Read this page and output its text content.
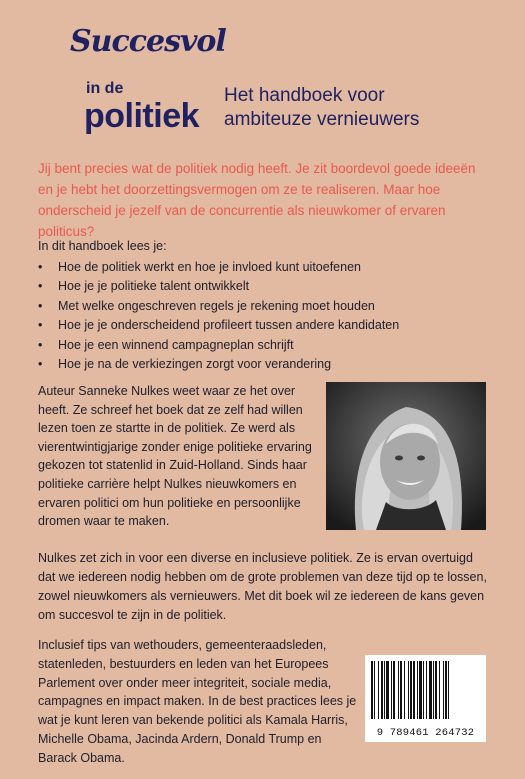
Succesvol
in de
politiek
Het handboek voor
ambiteuze vernieuwers
Jij bent precies wat de politiek nodig heeft. Je zit boordevol goede ideeën en je hebt het doorzettingsvermogen om ze te realiseren. Maar hoe onderscheid je jezelf van de concurrentie als nieuwkomer of ervaren politicus?
In dit handboek lees je:
• Hoe de politiek werkt en hoe je invloed kunt uitoefenen
• Hoe je je politieke talent ontwikkelt
• Met welke ongeschreven regels je rekening moet houden
• Hoe je je onderscheidend profileert tussen andere kandidaten
• Hoe je een winnend campagneplan schrijft
• Hoe je na de verkiezingen zorgt voor verandering
Auteur Sanneke Nulkes weet waar ze het over heeft. Ze schreef het boek dat ze zelf had willen lezen toen ze startte in de politiek. Ze werd als vierentwintigjarige zonder enige politieke ervaring gekozen tot statenlid in Zuid-Holland. Sinds haar politieke carrière helpt Nulkes nieuwkomers en ervaren politici om hun politieke en persoonlijke dromen waar te maken.
Nulkes zet zich in voor een diverse en inclusieve politiek. Ze is ervan overtuigd dat we iedereen nodig hebben om de grote problemen van deze tijd op te lossen, zowel nieuwkomers als vernieuwers. Met dit boek wil ze iedereen de kans geven om succesvol te zijn in de politiek.
Inclusief tips van wethouders, gemeenteraadsleden, statenleden, bestuurders en leden van het Europees Parlement over onder meer integriteit, sociale media, campagnes en impact maken. In de best practices lees je wat je kunt leren van bekende politici als Kamala Harris, Michelle Obama, Jacinda Ardern, Donald Trump en Barack Obama.
9 789461 264732
